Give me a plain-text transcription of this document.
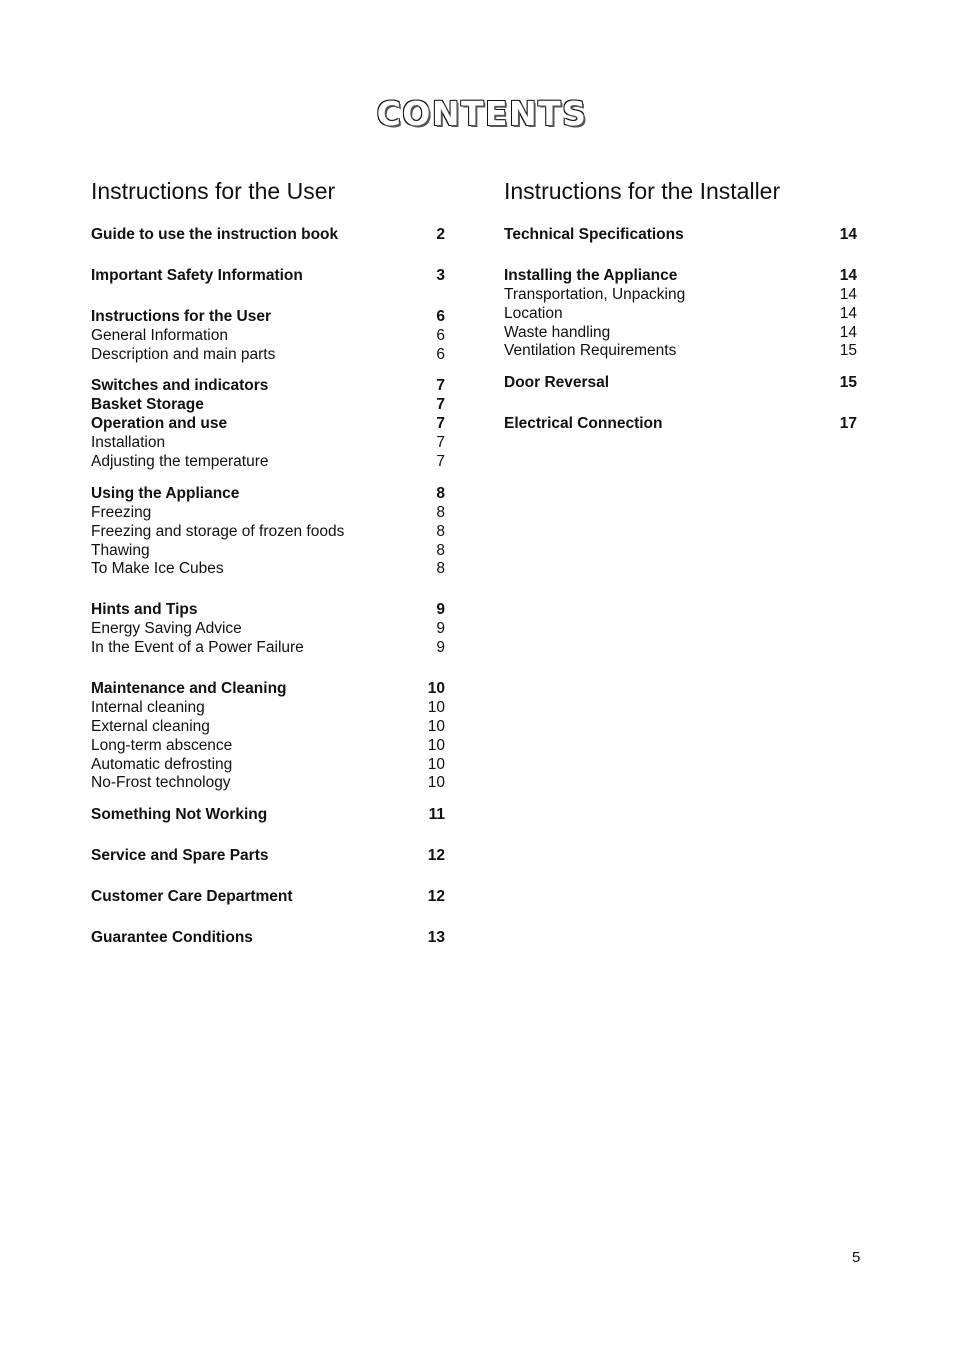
CONTENTS
Instructions for the User
Guide to use the instruction book	2
Important Safety Information	3
Instructions for the User	6
General Information	6
Description and main parts	6
Switches and indicators	7
Basket Storage	7
Operation and use	7
Installation	7
Adjusting the temperature	7
Using the Appliance	8
Freezing	8
Freezing and storage of frozen foods	8
Thawing	8
To Make Ice Cubes	8
Hints and Tips	9
Energy Saving Advice	9
In the Event of a Power Failure	9
Maintenance and Cleaning	10
Internal cleaning	10
External cleaning	10
Long-term abscence	10
Automatic defrosting	10
No-Frost technology	10
Something Not Working	11
Service and Spare Parts	12
Customer Care Department	12
Guarantee Conditions	13
Instructions for the Installer
Technical Specifications	14
Installing the Appliance	14
Transportation, Unpacking	14
Location	14
Waste handling	14
Ventilation Requirements	15
Door Reversal	15
Electrical Connection	17
5
